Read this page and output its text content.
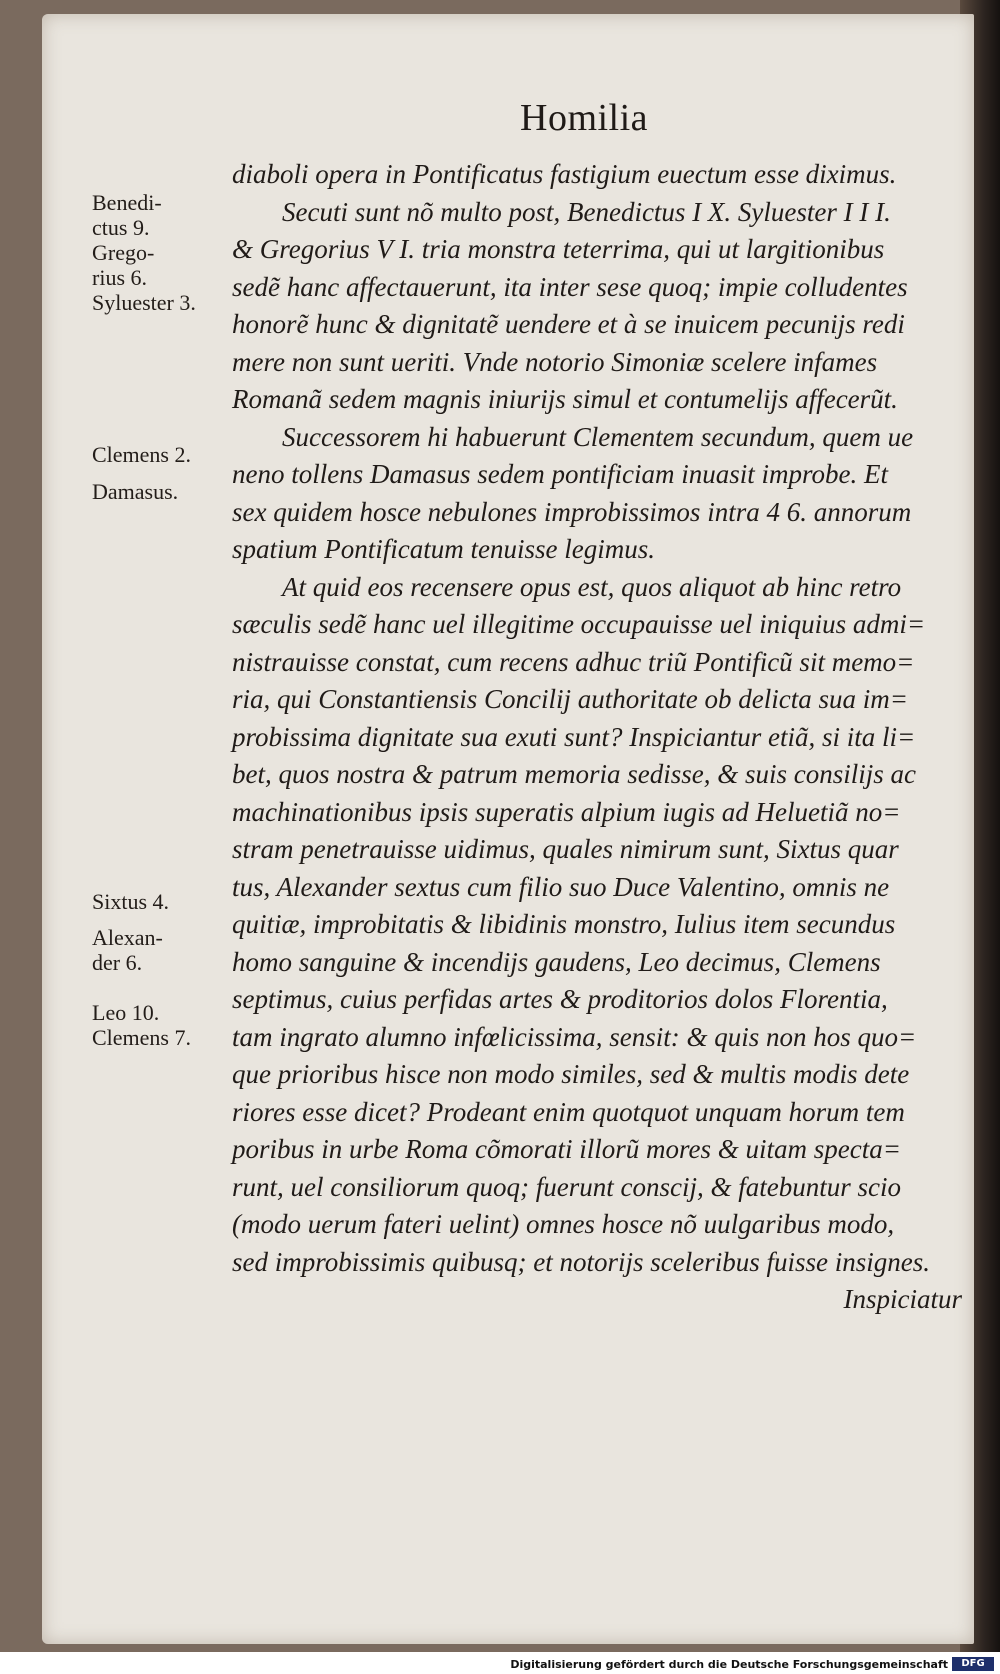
Homilia
diaboli opera in Pontificatus fastigium euectum esse diximus.
Secuti sunt nõ multo post, Benedictus I X. Syluester I I I.
& Gregorius V I. tria monstra teterrima, qui ut largitionibus
sedẽ hanc affectauerunt, ita inter sese quoq; impie colludentes
honorẽ hunc & dignitatẽ uendere et à se inuicem pecunijs redi
mere non sunt ueriti. Vnde notorio Simoniæ scelere infames
Romanã sedem magnis iniurijs simul et contumelijs affecerũt.
Successorem hi habuerunt Clementem secundum, quem ue
neno tollens Damasus sedem pontificiam inuasit improbe. Et
sex quidem hosce nebulones improbissimos intra 4 6. annorum
spatium Pontificatum tenuisse legimus.
At quid eos recensere opus est, quos aliquot ab hinc retro
sæculis sedẽ hanc uel illegitime occupauisse uel iniquius admi=
nistrauisse constat, cum recens adhuc triũ Pontificũ sit memo=
ria, qui Constantiensis Concilij authoritate ob delicta sua im=
probissima dignitate sua exuti sunt? Inspiciantur etiã, si ita li=
bet, quos nostra & patrum memoria sedisse, & suis consilijs ac
machinationibus ipsis superatis alpium iugis ad Heluetiã no=
stram penetrauisse uidimus, quales nimirum sunt, Sixtus quar
tus, Alexander sextus cum filio suo Duce Valentino, omnis ne
quitiæ, improbitatis & libidinis monstro, Iulius item secundus
homo sanguine & incendijs gaudens, Leo decimus, Clemens
septimus, cuius perfidas artes & proditorios dolos Florentia,
tam ingrato alumno infœlicissima, sensit: & quis non hos quo=
que prioribus hisce non modo similes, sed & multis modis dete
riores esse dicet? Prodeant enim quotquot unquam horum tem
poribus in urbe Roma cõmorati illorũ mores & uitam specta=
runt, uel consiliorum quoq; fuerunt conscij, & fatebuntur scio
(modo uerum fateri uelint) omnes hosce nõ uulgaribus modo,
sed improbissimis quibusq; et notorijs sceleribus fuisse insignes.
Inspiciatur
Benedi-
ctus 9.
Grego-
rius 6.
Syluester 3.
Clemens 2.
Damasus.
Sixtus 4.
Alexan-
der 6.
Leo 10.
Clemens 7.
Digitalisierung gefördert durch die Deutsche Forschungsgemeinschaft	DFG
